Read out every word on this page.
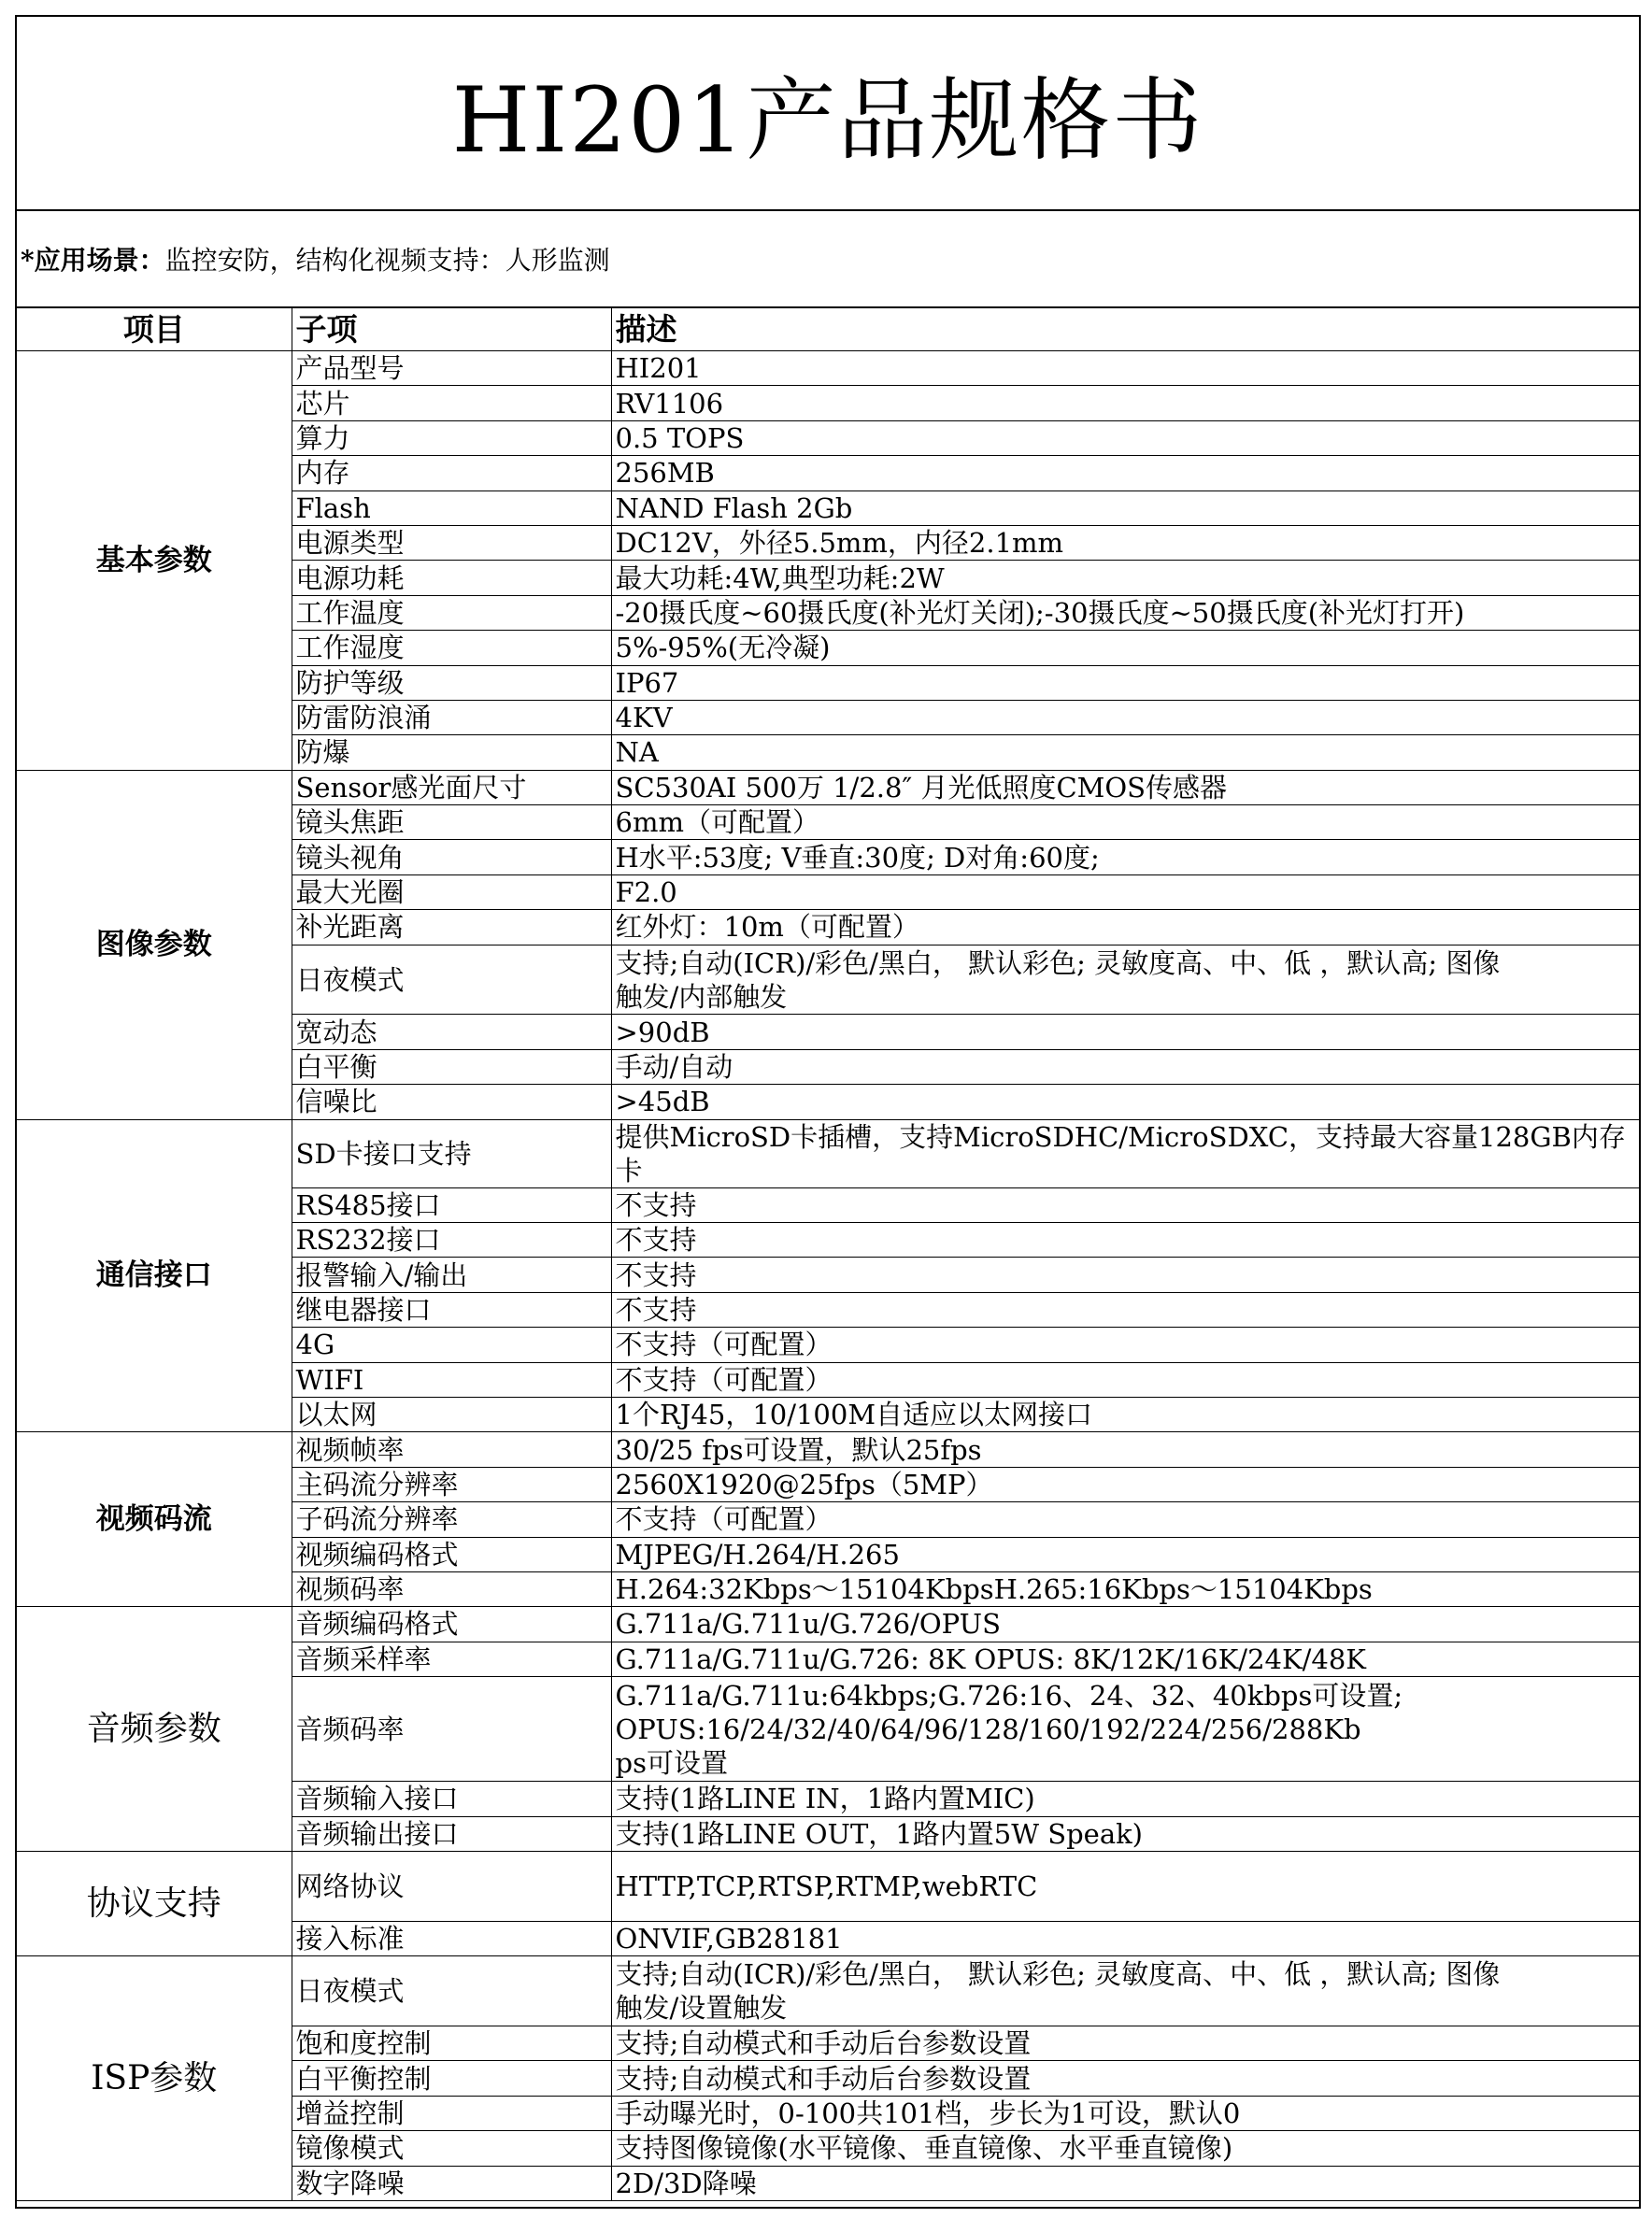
HI201产品规格书
*应用场景： 监控安防，结构化视频支持：人形监测
项目	子项	描述
基本参数	产品型号	HI201

	芯片	RV1106

	算力	0.5 TOPS

	内存	256MB

	Flash	NAND Flash 2Gb

	电源类型	DC12V，外径5.5mm，内径2.1mm

	电源功耗	最大功耗:4W,典型功耗:2W

	工作温度	-20摄氏度~60摄氏度(补光灯关闭);-30摄氏度~50摄氏度(补光灯打开)

	工作湿度	5%-95%(无冷凝)

	防护等级	IP67

	防雷防浪涌	4KV

	防爆	NA

图像参数	Sensor感光面尺寸	SC530AI 500万 1/2.8″ 月光低照度CMOS传感器

	镜头焦距	6mm（可配置）

	镜头视角	H水平:53度; V垂直:30度; D对角:60度;

	最大光圈	F2.0

	补光距离	红外灯：10m（可配置）

	日夜模式	支持;自动(ICR)/彩色/黑白， 默认彩色; 灵敏度高、中、低 ，默认高; 图像
触发/内部触发

	宽动态	>90dB

	白平衡	手动/自动

	信噪比	>45dB

通信接口	SD卡接口支持	提供MicroSD卡插槽，支持MicroSDHC/MicroSDXC，支持最大容量128GB内存卡

	RS485接口	不支持

	RS232接口	不支持

	报警输入/输出	不支持

	继电器接口	不支持

	4G	不支持（可配置）

	WIFI	不支持（可配置）

	以太网	1个RJ45，10/100M自适应以太网接口

视频码流	视频帧率	30/25 fps可设置，默认25fps

	主码流分辨率	2560X1920@25fps（5MP）

	子码流分辨率	不支持（可配置）

	视频编码格式	MJPEG/H.264/H.265

	视频码率	H.264:32Kbps～15104KbpsH.265:16Kbps～15104Kbps

音频参数	音频编码格式	G.711a/G.711u/G.726/OPUS

	音频采样率	G.711a/G.711u/G.726: 8K OPUS: 8K/12K/16K/24K/48K

	音频码率	G.711a/G.711u:64kbps;G.726:16、24、32、40kbps可设置;
OPUS:16/24/32/40/64/96/128/160/192/224/256/288Kb
ps可设置

	音频输入接口	支持(1路LINE IN，1路内置MIC)

	音频输出接口	支持(1路LINE OUT，1路内置5W Speak)

协议支持	网络协议	HTTP,TCP,RTSP,RTMP,webRTC

	接入标准	ONVIF,GB28181

ISP参数	日夜模式	支持;自动(ICR)/彩色/黑白， 默认彩色; 灵敏度高、中、低 ，默认高; 图像
触发/设置触发

	饱和度控制	支持;自动模式和手动后台参数设置

	白平衡控制	支持;自动模式和手动后台参数设置

	增益控制	手动曝光时，0-100共101档，步长为1可设，默认0

	镜像模式	支持图像镜像(水平镜像、垂直镜像、水平垂直镜像)

	数字降噪	2D/3D降噪
